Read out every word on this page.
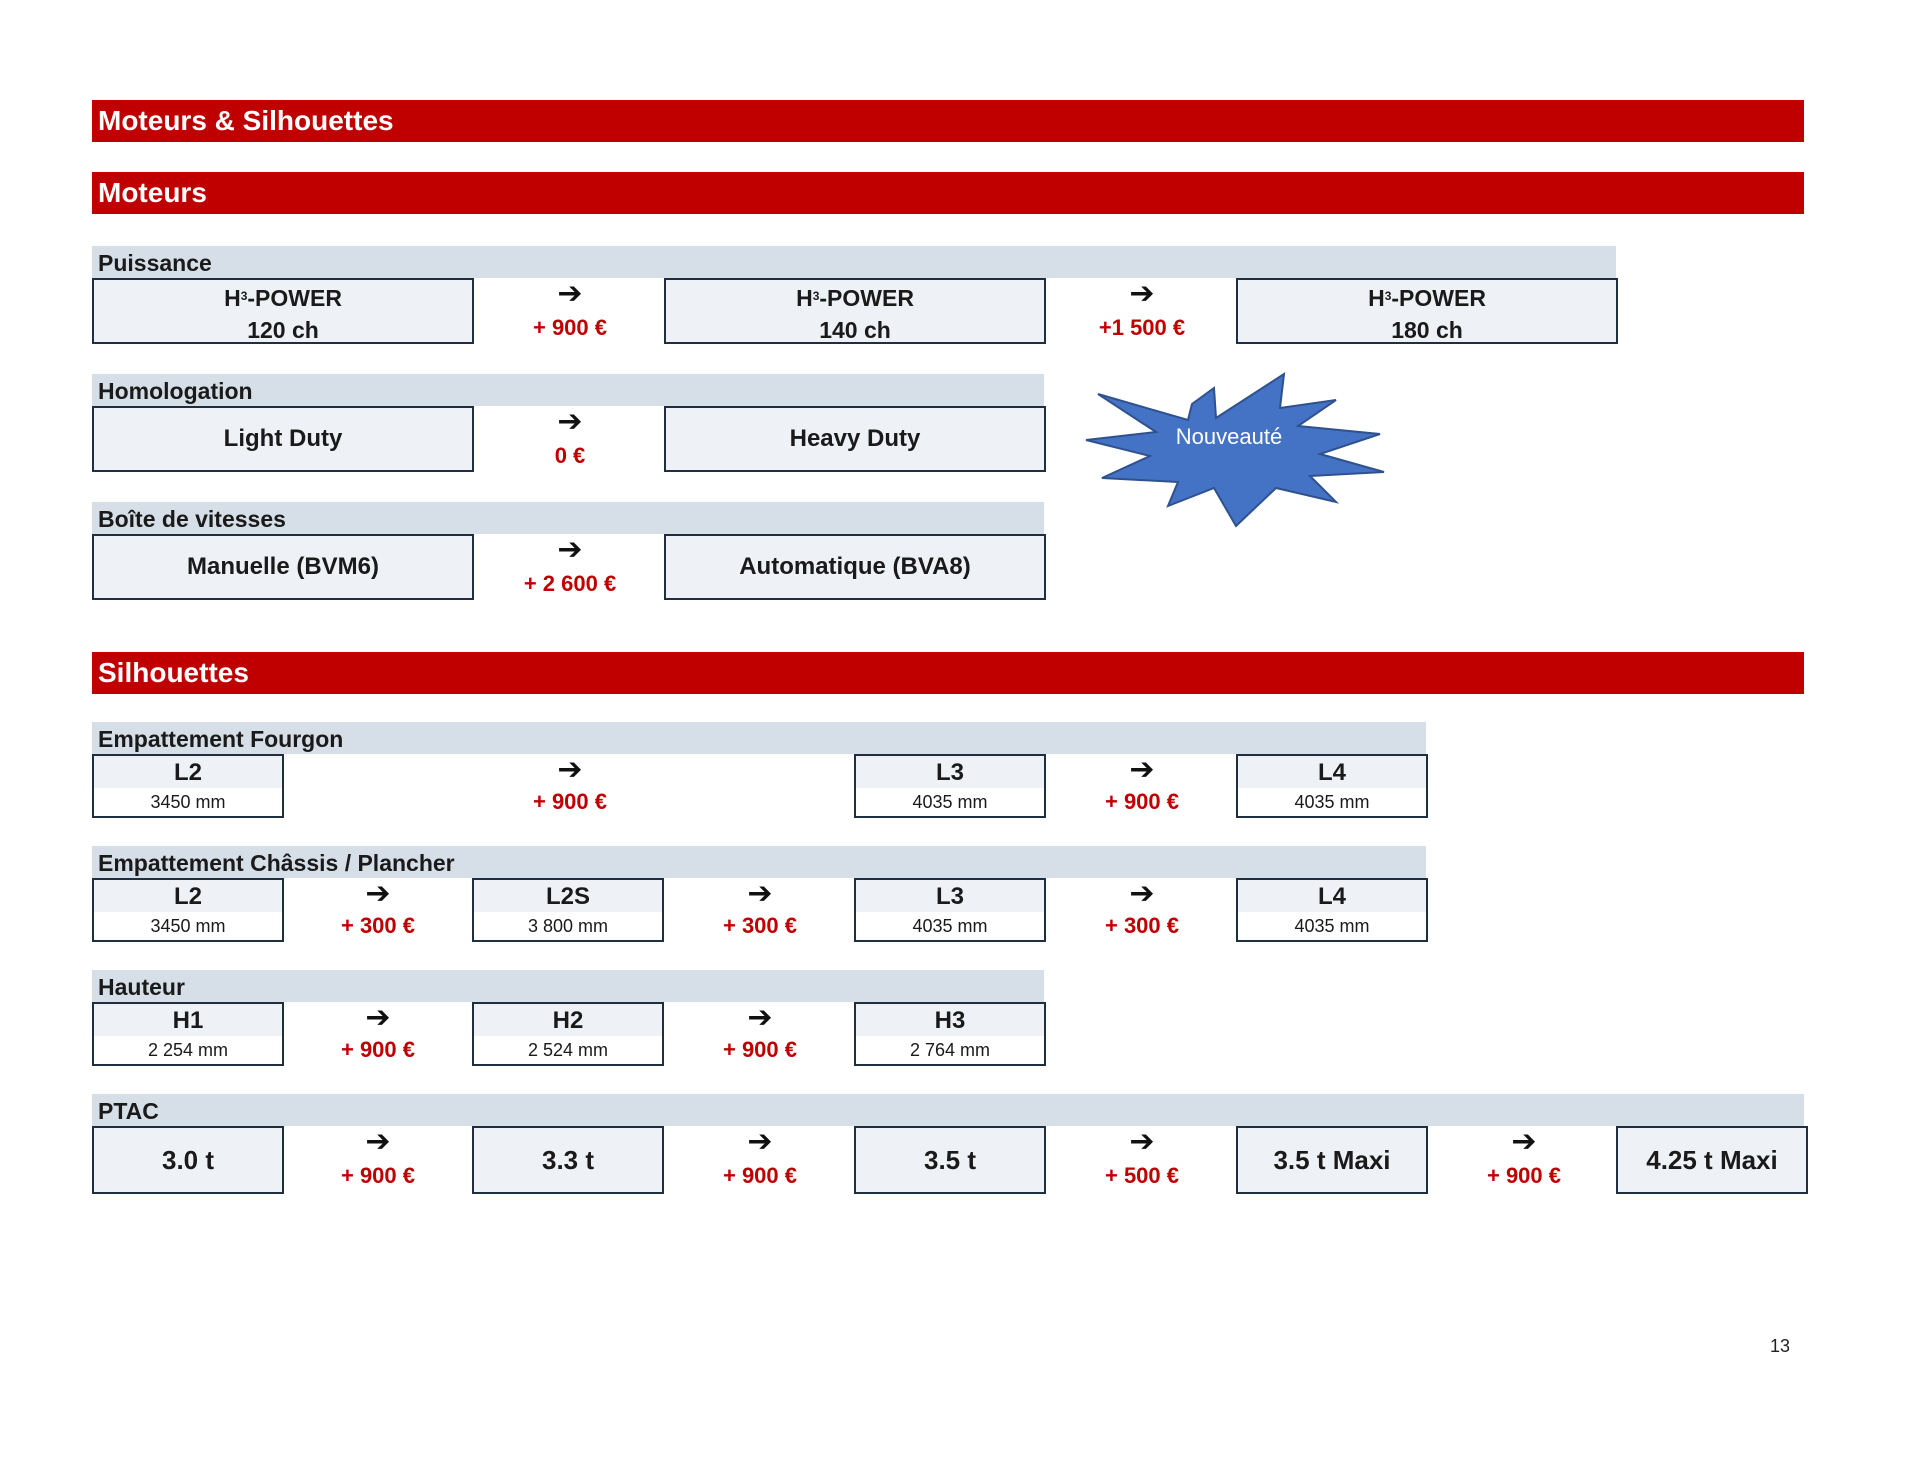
Moteurs & Silhouettes
Moteurs
Puissance
$H^3$-POWER
120 ch
➔
+ 900 €
$H^3$-POWER
140 ch
➔
+1 500 €
$H^3$-POWER
180 ch
Homologation
Light Duty
➔
0 €
Heavy Duty	Nouveauté
Boîte de vitesses
Manuelle (BVM6)
➔
+ 2 600 €
Automatique (BVA8)
Silhouettes
Empattement Fourgon
L2
3450 mm
➔
+ 900 €
L3
4035 mm
➔
+ 900 €
L4
4035 mm
Empattement Châssis / Plancher
L2
3450 mm
➔
+ 300 €
L2S
3 800 mm
➔
+ 300 €
L3
4035 mm
➔
+ 300 €
L4
4035 mm
Hauteur
H1
2 254 mm
➔
+ 900 €
H2
2 524 mm
➔
+ 900 €
H3
2 764 mm
PTAC
3.0 t
➔
+ 900 €
3.3 t
➔
+ 900 €
3.5 t
➔
+ 500 €
3.5 t Maxi
➔
+ 900 €
4.25 t Maxi
13
